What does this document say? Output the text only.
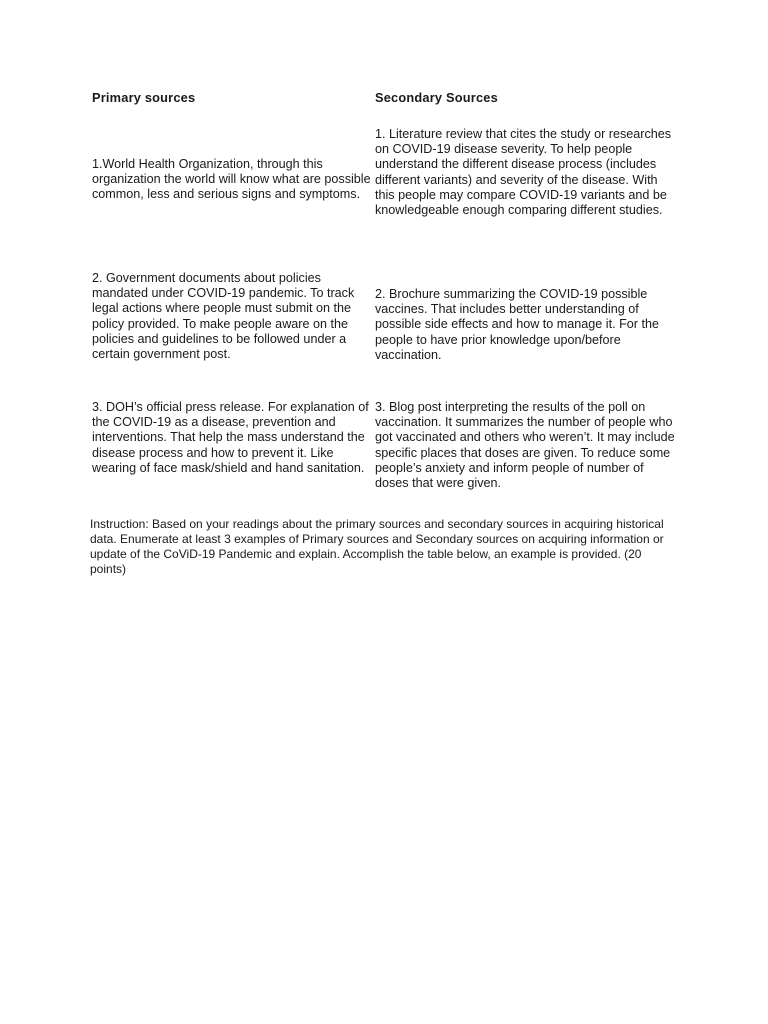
Primary sources	Secondary Sources
1.World Health Organization, through this organization the world will know what are possible common, less and serious signs and symptoms.
1. Literature review that cites the study or researches on COVID-19 disease severity. To help people understand the different disease process (includes different variants) and severity of the disease. With this people may compare COVID-19 variants and be knowledgeable enough comparing different studies.
2. Government documents about policies mandated under COVID-19 pandemic. To track legal actions where people must submit on the policy provided. To make people aware on the policies and guidelines to be followed under a certain government post.
2. Brochure summarizing the COVID-19 possible vaccines. That includes better understanding of possible side effects and how to manage it. For the people to have prior knowledge upon/before vaccination.
3. DOH’s official press release. For explanation of the COVID-19 as a disease, prevention and interventions. That help the mass understand the disease process and how to prevent it. Like wearing of face mask/shield and hand sanitation.
3. Blog post interpreting the results of the poll on vaccination. It summarizes the number of people who got vaccinated and others who weren’t. It may include specific places that doses are given. To reduce some people’s anxiety and inform people of number of doses that were given.
Instruction: Based on your readings about the primary sources and secondary sources in acquiring historical data. Enumerate at least 3 examples of Primary sources and Secondary sources on acquiring information or update of the CoViD-19 Pandemic and explain. Accomplish the table below, an example is provided. (20 points)
